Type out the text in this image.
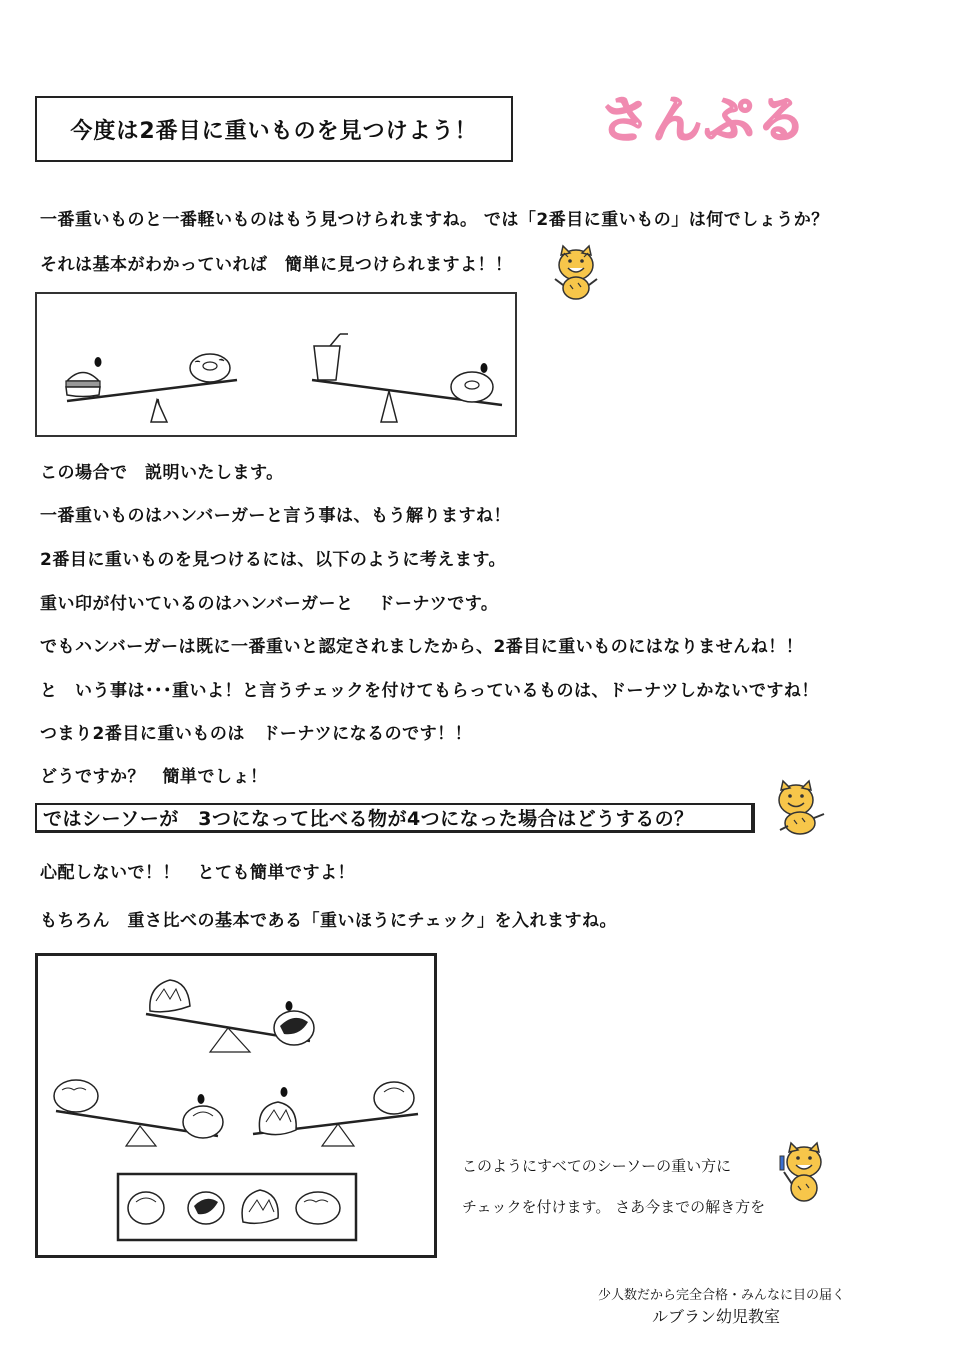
今度は2番目に重いものを見つけよう！	さんぷる
一番重いものと一番軽いものはもう見つけられますね。 では「2番目に重いもの」は何でしょうか？
それは基本がわかっていれば　簡単に見つけられますよ！！
この場合で　説明いたします。
一番重いものはハンバーガーと言う事は、もう解りますね！
2番目に重いものを見つけるには、以下のように考えます。
重い印が付いているのはハンバーガーと　 ドーナツです。
でもハンバーガーは既に一番重いと認定されましたから、2番目に重いものにはなりませんね！！
と　いう事は･･･重いよ！と言うチェックを付けてもらっているものは、ドーナツしかないですね！
つまり2番目に重いものは　ドーナツになるのです！！
どうですか？　簡単でしょ！
ではシーソーが　3つになって比べる物が4つになった場合はどうするの？
心配しないで！！　とても簡単ですよ！
もちろん　重さ比べの基本である「重いほうにチェック」を入れますね。
このようにすべてのシーソーの重い方に
チェックを付けます。 さあ今までの解き方を
少人数だから完全合格・みんなに目の届く
ルブラン幼児教室
